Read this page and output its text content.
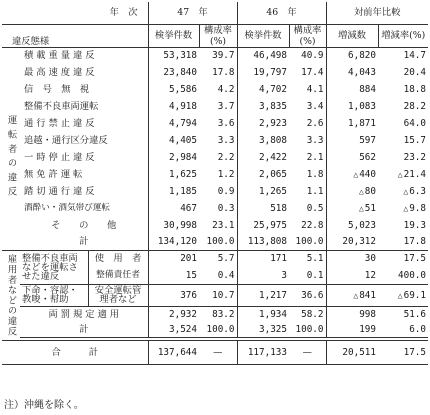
年　次			47　年		46　年		対前年比較	
違反態様			検挙件数	構成率(%)	検挙件数	構成率(%)	増減数	増減率(%)
運転者の違反	積 載 重 量 違 反		53,318	39.7	46,498	40.9	6,820	14.7
	最 高 速 度 違 反		23,840	17.8	19,797	17.4	4,043	20.4
	信　号　無　視		5,586	4.2	4,702	4.1	884	18.8
	整備不良車両運転		4,918	3.7	3,835	3.4	1,083	28.2
	通 行 禁 止 違 反		4,794	3.6	2,923	2.6	1,871	64.0
	追越・通行区分違反		4,405	3.3	3,808	3.3	597	15.7
	一 時 停 止 違 反		2,984	2.2	2,422	2.1	562	23.2
	無 免 許 運 転		1,625	1.2	2,065	1.8	△440	△21.4
	踏 切 通 行 違 反		1,185	0.9	1,265	1.1	△80	△6.3
	酒酔い・酒気帯び運転		467	0.3	518	0.5	△51	△9.8
	そ　　の　　他		30,998	23.1	25,975	22.8	5,023	19.3
	計		134,120	100.0	113,808	100.0	20,312	17.8
雇用者などの違反	整備不良車両などを運転させた違反	使　用　者	201	5.7	171	5.1	30	17.5
		整備責任者	15	0.4	3	0.1	12	400.0
	下命・容認・教唆・幇助	安全運転管理者など	376	10.7	1,217	36.6	△841	△69.1
	両 罰 規 定 適 用		2,932	83.2	1,934	58.2	998	51.6
	計		3,524	100.0	3,325	100.0	199	6.0

合　　　計			137,644	—	117,133	—	20,511	17.5
注）沖縄を除く。
